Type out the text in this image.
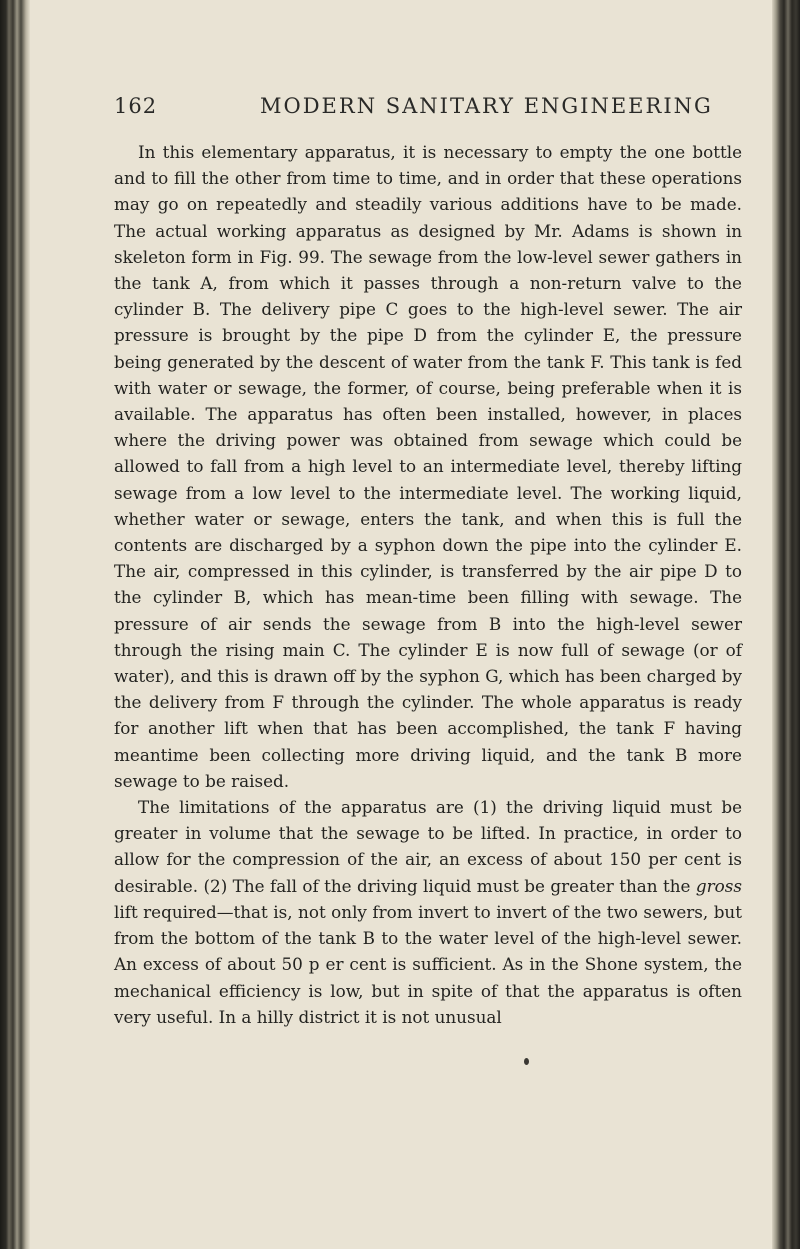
162	MODERN SANITARY ENGINEERING

In this elementary apparatus, it is necessary to empty the one bottle and to fill the other from time to time, and in order that these operations may go on repeatedly and steadily various additions have to be made. The actual working apparatus as designed by Mr. Adams is shown in skeleton form in Fig. 99. The sewage from the low-level sewer gathers in the tank A, from which it passes through a non-return valve to the cylinder B. The delivery pipe C goes to the high-level sewer. The air pressure is brought by the pipe D from the cylinder E, the pressure being generated by the descent of water from the tank F. This tank is fed with water or sewage, the former, of course, being preferable when it is available. The apparatus has often been installed, however, in places where the driving power was obtained from sewage which could be allowed to fall from a high level to an intermediate level, thereby lifting sewage from a low level to the intermediate level. The working liquid, whether water or sewage, enters the tank, and when this is full the contents are discharged by a syphon down the pipe into the cylinder E. The air, compressed in this cylinder, is transferred by the air pipe D to the cylinder B, which has mean-time been filling with sewage. The pressure of air sends the sewage from B into the high-level sewer through the rising main C. The cylinder E is now full of sewage (or of water), and this is drawn off by the syphon G, which has been charged by the delivery from F through the cylinder. The whole apparatus is ready for another lift when that has been accomplished, the tank F having meantime been collecting more driving liquid, and the tank B more sewage to be raised.

The limitations of the apparatus are (1) the driving liquid must be greater in volume that the sewage to be lifted. In practice, in order to allow for the compression of the air, an excess of about 150 per cent is desirable. (2) The fall of the driving liquid must be greater than the gross lift required—that is, not only from invert to invert of the two sewers, but from the bottom of the tank B to the water level of the high-level sewer. An excess of about 50 p er cent is sufficient. As in the Shone system, the mechanical efficiency is low, but in spite of that the apparatus is often very useful. In a hilly district it is not unusual
